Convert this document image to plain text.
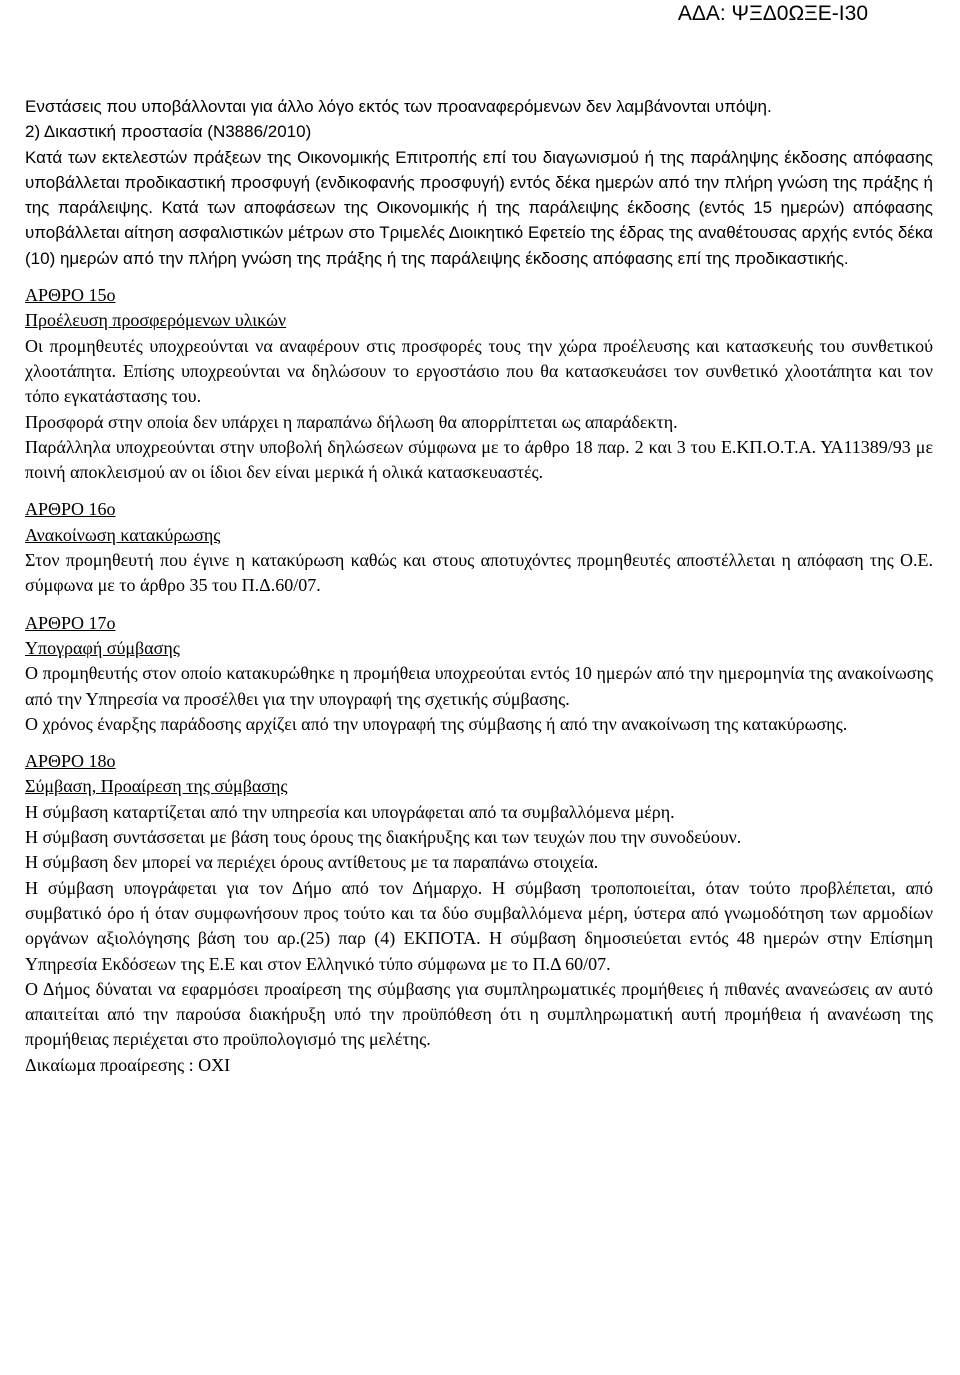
ΑΔΑ: ΨΞΔ0ΩΞΕ-Ι30

Ενστάσεις που υποβάλλονται για άλλο λόγο εκτός των προαναφερόμενων δεν λαμβάνονται υπόψη.

2) Δικαστική προστασία (Ν3886/2010)

Κατά των εκτελεστών πράξεων της Οικονομικής Επιτροπής επί του διαγωνισμού ή της παράληψης έκδοσης απόφασης υποβάλλεται προδικαστική προσφυγή (ενδικοφανής προσφυγή) εντός δέκα ημερών από την πλήρη γνώση της πράξης ή της παράλειψης. Κατά των αποφάσεων της Οικονομικής ή της παράλειψης έκδοσης (εντός 15 ημερών) απόφασης υποβάλλεται αίτηση ασφαλιστικών μέτρων στο Τριμελές Διοικητικό Εφετείο της έδρας της αναθέτουσας αρχής εντός δέκα (10) ημερών από την πλήρη γνώση της πράξης ή της παράλειψης έκδοσης απόφασης επί της προδικαστικής.

ΑΡΘΡΟ 15ο

Προέλευση προσφερόμενων υλικών

Οι προμηθευτές υποχρεούνται να αναφέρουν στις προσφορές τους την χώρα προέλευσης και κατασκευής του συνθετικού χλοοτάπητα. Επίσης υποχρεούνται να δηλώσουν το εργοστάσιο που θα κατασκευάσει τον συνθετικό χλοοτάπητα και τον τόπο εγκατάστασης του.

Προσφορά στην οποία δεν υπάρχει η παραπάνω δήλωση θα απορρίπτεται ως απαράδεκτη.

Παράλληλα υποχρεούνται στην υποβολή δηλώσεων σύμφωνα με το άρθρο 18 παρ. 2 και 3 του Ε.ΚΠ.Ο.Τ.Α. ΥΑ11389/93 με ποινή αποκλεισμού αν οι ίδιοι δεν είναι μερικά ή ολικά κατασκευαστές.

ΑΡΘΡΟ 16ο

Ανακοίνωση κατακύρωσης

Στον προμηθευτή που έγινε η κατακύρωση καθώς και στους αποτυχόντες προμηθευτές αποστέλλεται η απόφαση της Ο.Ε. σύμφωνα με το άρθρο 35 του Π.Δ.60/07.

ΑΡΘΡΟ 17ο

Υπογραφή σύμβασης

Ο προμηθευτής στον οποίο κατακυρώθηκε η προμήθεια υποχρεούται εντός 10 ημερών από την ημερομηνία της ανακοίνωσης από την Υπηρεσία να προσέλθει για την υπογραφή της σχετικής σύμβασης.

Ο χρόνος έναρξης παράδοσης αρχίζει από την υπογραφή της σύμβασης ή από την ανακοίνωση της κατακύρωσης.

ΑΡΘΡΟ 18ο

Σύμβαση, Προαίρεση της σύμβασης

Η σύμβαση καταρτίζεται από την υπηρεσία και υπογράφεται από τα συμβαλλόμενα μέρη.

Η σύμβαση συντάσσεται με βάση τους όρους της διακήρυξης και των τευχών που την συνοδεύουν.

Η σύμβαση δεν μπορεί να περιέχει όρους αντίθετους με τα παραπάνω στοιχεία.

Η σύμβαση υπογράφεται για τον Δήμο από τον Δήμαρχο. Η σύμβαση τροποποιείται, όταν τούτο προβλέπεται, από συμβατικό όρο ή όταν συμφωνήσουν προς τούτο και τα δύο συμβαλλόμενα μέρη, ύστερα από γνωμοδότηση των αρμοδίων οργάνων αξιολόγησης βάση του αρ.(25) παρ (4) ΕΚΠΟΤΑ. Η σύμβαση δημοσιεύεται εντός 48 ημερών στην Επίσημη Υπηρεσία Εκδόσεων της Ε.Ε και στον Ελληνικό τύπο σύμφωνα με το Π.Δ 60/07.

Ο Δήμος δύναται να εφαρμόσει προαίρεση της σύμβασης για συμπληρωματικές προμήθειες ή πιθανές ανανεώσεις αν αυτό απαιτείται από την παρούσα διακήρυξη υπό την προϋπόθεση ότι η συμπληρωματική αυτή προμήθεια ή ανανέωση της προμήθειας περιέχεται στο προϋπολογισμό της μελέτης.

Δικαίωμα προαίρεσης : ΟΧΙ
